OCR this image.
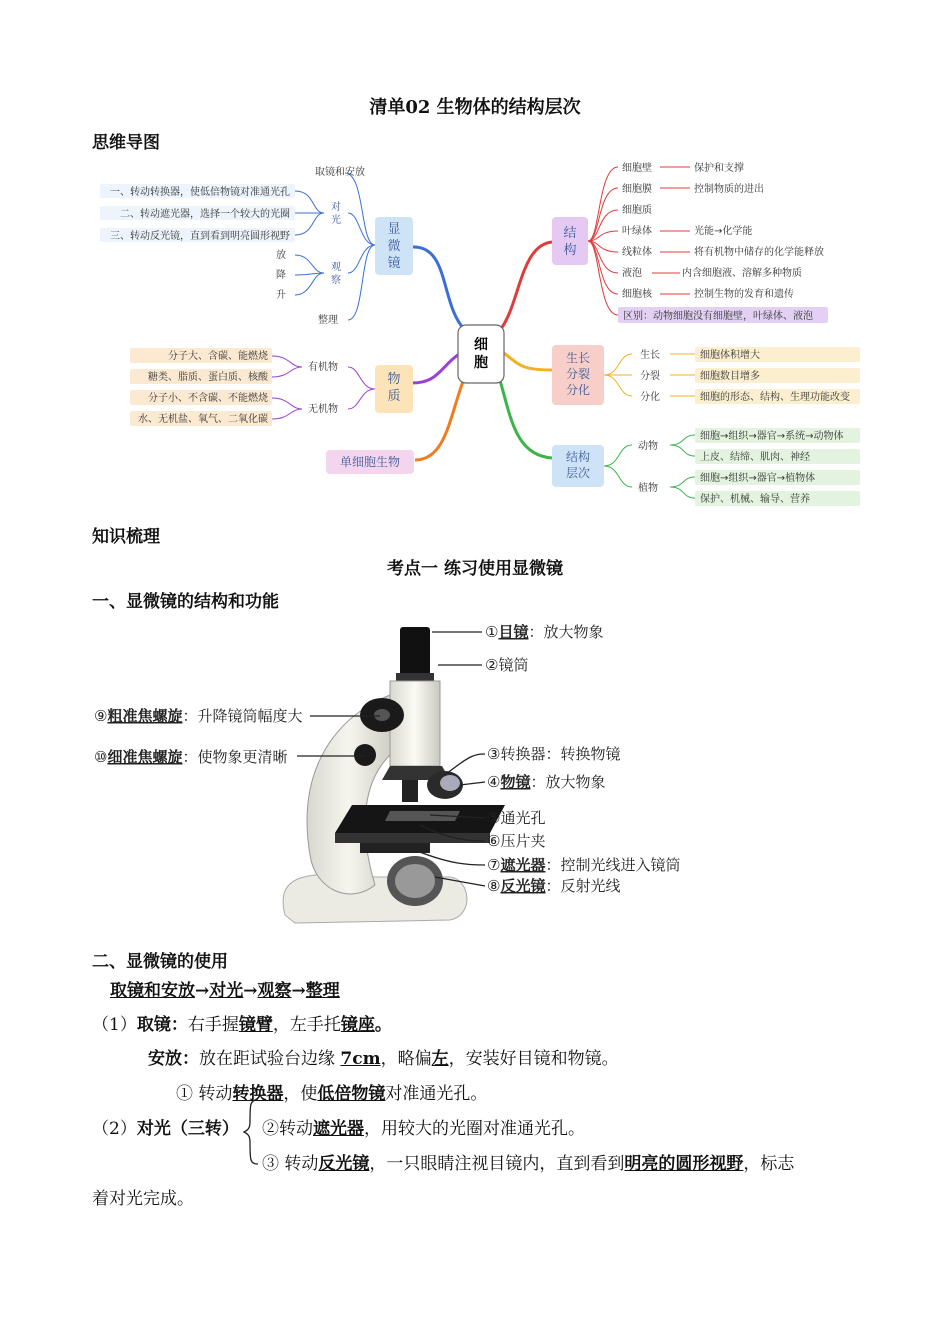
清单02 生物体的结构层次
思维导图
细
胞
显
微
镜
取镜和安放
对
光
一、转动转换器，使低倍物镜对准通光孔
二、转动遮光器，选择一个较大的光圈
三、转动反光镜，直到看到明亮圆形视野
观
察
放
降
升
整理
结
构
细胞壁	保护和支撑
细胞膜	控制物质的进出
细胞质
叶绿体	光能→化学能
线粒体	将有机物中储存的化学能释放
液泡	内含细胞液、溶解多种物质
细胞核	控制生物的发育和遗传
区别：动物细胞没有细胞壁，叶绿体、液泡
物
质
有机物
无机物
分子大、含碳、能燃烧
糖类、脂质、蛋白质、核酸
分子小、不含碳、不能燃烧
水、无机盐、氧气、二氧化碳
单细胞生物
生长
分裂
分化
生长	细胞体积增大
分裂	细胞数目增多
分化	细胞的形态、结构、生理功能改变
结构
层次
动物
植物
细胞→组织→器官→系统→动物体
上皮、结缔、肌肉、神经
细胞→组织→器官→植物体
保护、机械、输导、营养
知识梳理
考点一 练习使用显微镜
一、显微镜的结构和功能
①目镜：放大物象
②镜筒
③转换器：转换物镜
④物镜：放大物象
⑤通光孔
⑥压片夹
⑦遮光器：控制光线进入镜筒
⑧反光镜：反射光线
⑨粗准焦螺旋：升降镜筒幅度大
⑩细准焦螺旋：使物象更清晰
二、显微镜的使用
取镜和安放→对光→观察→整理
（1）取镜：右手握镜臂，左手托镜座。
安放：放在距试验台边缘 7cm，略偏左，安装好目镜和物镜。
① 转动转换器，使低倍物镜对准通光孔。
（2）对光（三转） ②转动遮光器，用较大的光圈对准通光孔。
③ 转动反光镜，一只眼睛注视目镜内，直到看到明亮的圆形视野，标志
着对光完成。
